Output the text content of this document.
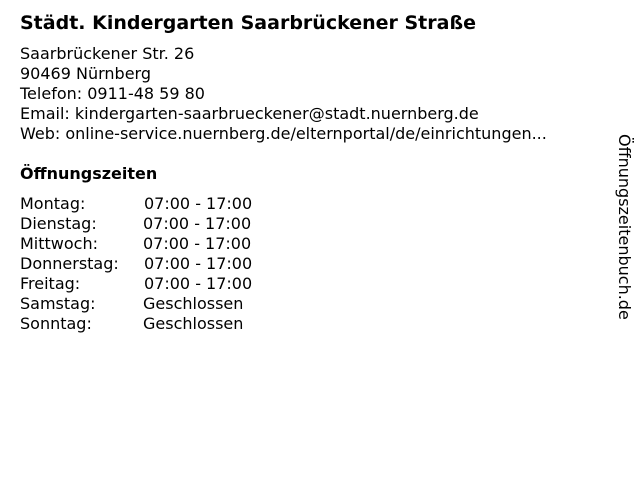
Städt. Kindergarten Saarbrückener Straße
Saarbrückener Str. 26
90469 Nürnberg
Telefon: 0911-48 59 80
Email: kindergarten-saarbrueckener@stadt.nuernberg.de
Web: online-service.nuernberg.de/elternportal/de/einrichtungen...
Öffnungszeiten
Montag:	07:00 - 17:00
Dienstag:	07:00 - 17:00
Mittwoch:	07:00 - 17:00
Donnerstag:	07:00 - 17:00
Freitag:	07:00 - 17:00
Samstag:	Geschlossen
Sonntag:	Geschlossen
Öffnungszeitenbuch.de
